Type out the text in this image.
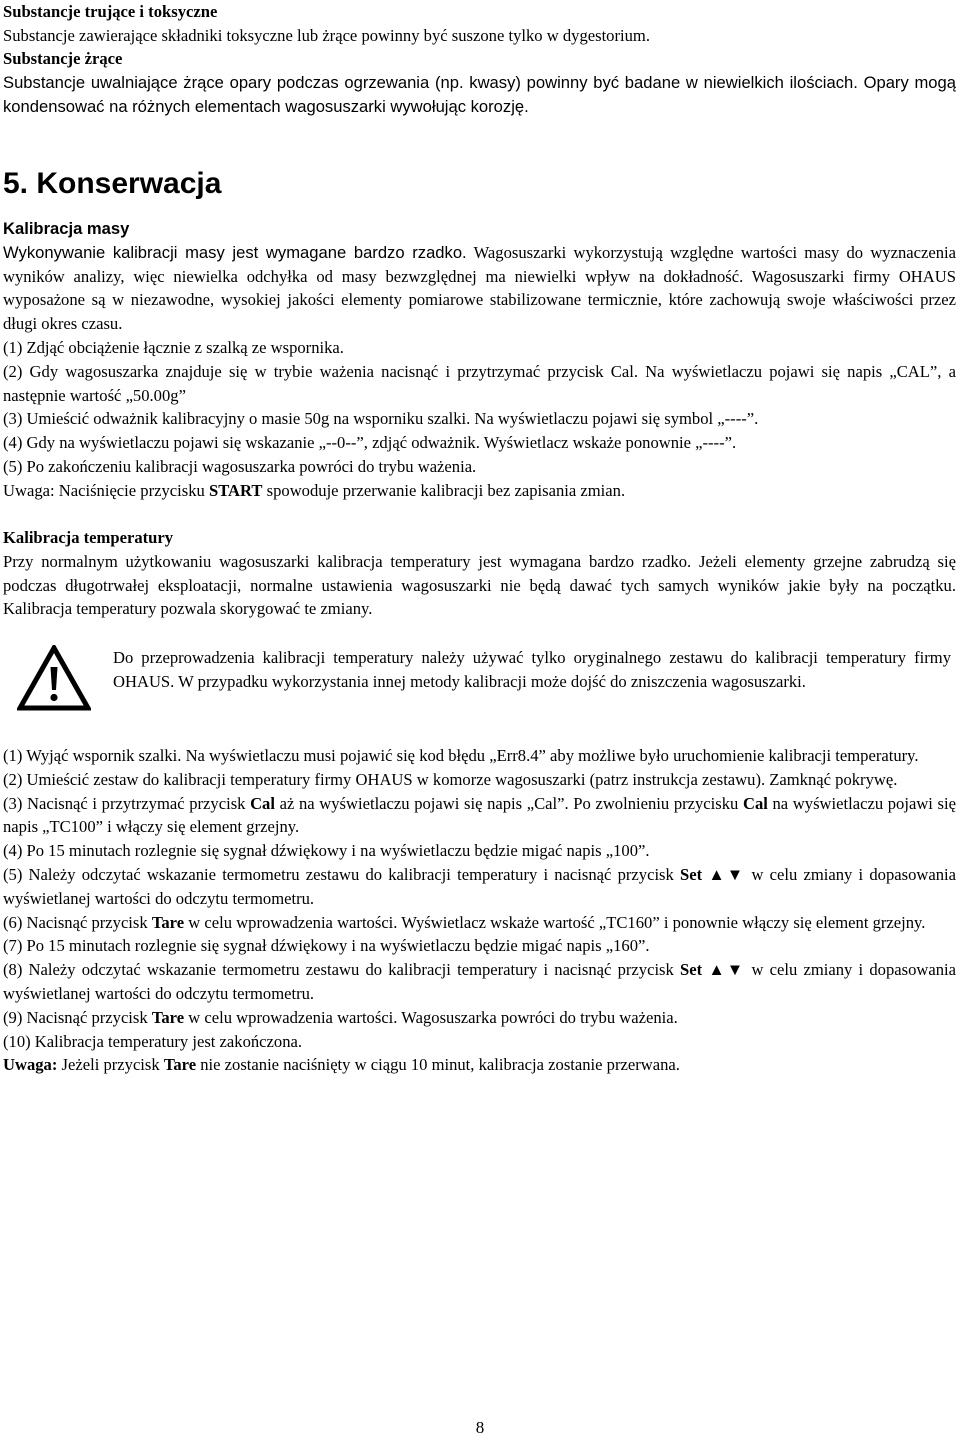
Substancje trujące i toksyczne

Substancje zawierające składniki toksyczne lub żrące powinny być suszone tylko w dygestorium.

Substancje żrące

Substancje uwalniające żrące opary podczas ogrzewania (np. kwasy) powinny być badane w niewielkich ilościach. Opary mogą kondensować na różnych elementach wagosuszarki wywołując korozję.

5. Konserwacja

Kalibracja masy

Wykonywanie kalibracji masy jest wymagane bardzo rzadko. Wagosuszarki wykorzystują względne wartości masy do wyznaczenia wyników analizy, więc niewielka odchyłka od masy bezwzględnej ma niewielki wpływ na dokładność. Wagosuszarki firmy OHAUS wyposażone są w niezawodne, wysokiej jakości elementy pomiarowe stabilizowane termicznie, które zachowują swoje właściwości przez długi okres czasu.

(1) Zdjąć obciążenie łącznie z szalką ze wspornika.

(2) Gdy wagosuszarka znajduje się w trybie ważenia nacisnąć i przytrzymać przycisk Cal. Na wyświetlaczu pojawi się napis „CAL”, a następnie wartość „50.00g”

(3) Umieścić odważnik kalibracyjny o masie 50g na wsporniku szalki. Na wyświetlaczu pojawi się symbol „----”.

(4) Gdy na wyświetlaczu pojawi się wskazanie „--0--”, zdjąć odważnik. Wyświetlacz wskaże ponownie „----”.

(5) Po zakończeniu kalibracji wagosuszarka powróci do trybu ważenia.

Uwaga: Naciśnięcie przycisku START spowoduje przerwanie kalibracji bez zapisania zmian.

Kalibracja temperatury

Przy normalnym użytkowaniu wagosuszarki kalibracja temperatury jest wymagana bardzo rzadko. Jeżeli elementy grzejne zabrudzą się podczas długotrwałej eksploatacji, normalne ustawienia wagosuszarki nie będą dawać tych samych wyników jakie były na początku. Kalibracja temperatury pozwala skorygować te zmiany.

Do przeprowadzenia kalibracji temperatury należy używać tylko oryginalnego zestawu do kalibracji temperatury firmy OHAUS. W przypadku wykorzystania innej metody kalibracji może dojść do zniszczenia wagosuszarki.

(1) Wyjąć wspornik szalki. Na wyświetlaczu musi pojawić się kod błędu „Err8.4” aby możliwe było uruchomienie kalibracji temperatury.

(2) Umieścić zestaw do kalibracji temperatury firmy OHAUS w komorze wagosuszarki (patrz instrukcja zestawu). Zamknąć pokrywę.

(3) Nacisnąć i przytrzymać przycisk Cal aż na wyświetlaczu pojawi się napis „Cal”. Po zwolnieniu przycisku Cal na wyświetlaczu pojawi się napis „TC100” i włączy się element grzejny.

(4) Po 15 minutach rozlegnie się sygnał dźwiękowy i na wyświetlaczu będzie migać napis „100”.

(5) Należy odczytać wskazanie termometru zestawu do kalibracji temperatury i nacisnąć przycisk Set ▲▼ w celu zmiany i dopasowania wyświetlanej wartości do odczytu termometru.

(6) Nacisnąć przycisk Tare w celu wprowadzenia wartości. Wyświetlacz wskaże wartość „TC160” i ponownie włączy się element grzejny.

(7) Po 15 minutach rozlegnie się sygnał dźwiękowy i na wyświetlaczu będzie migać napis „160”.

(8) Należy odczytać wskazanie termometru zestawu do kalibracji temperatury i nacisnąć przycisk Set ▲▼ w celu zmiany i dopasowania wyświetlanej wartości do odczytu termometru.

(9) Nacisnąć przycisk Tare w celu wprowadzenia wartości. Wagosuszarka powróci do trybu ważenia.

(10) Kalibracja temperatury jest zakończona.

Uwaga: Jeżeli przycisk Tare nie zostanie naciśnięty w ciągu 10 minut, kalibracja zostanie przerwana.

8
